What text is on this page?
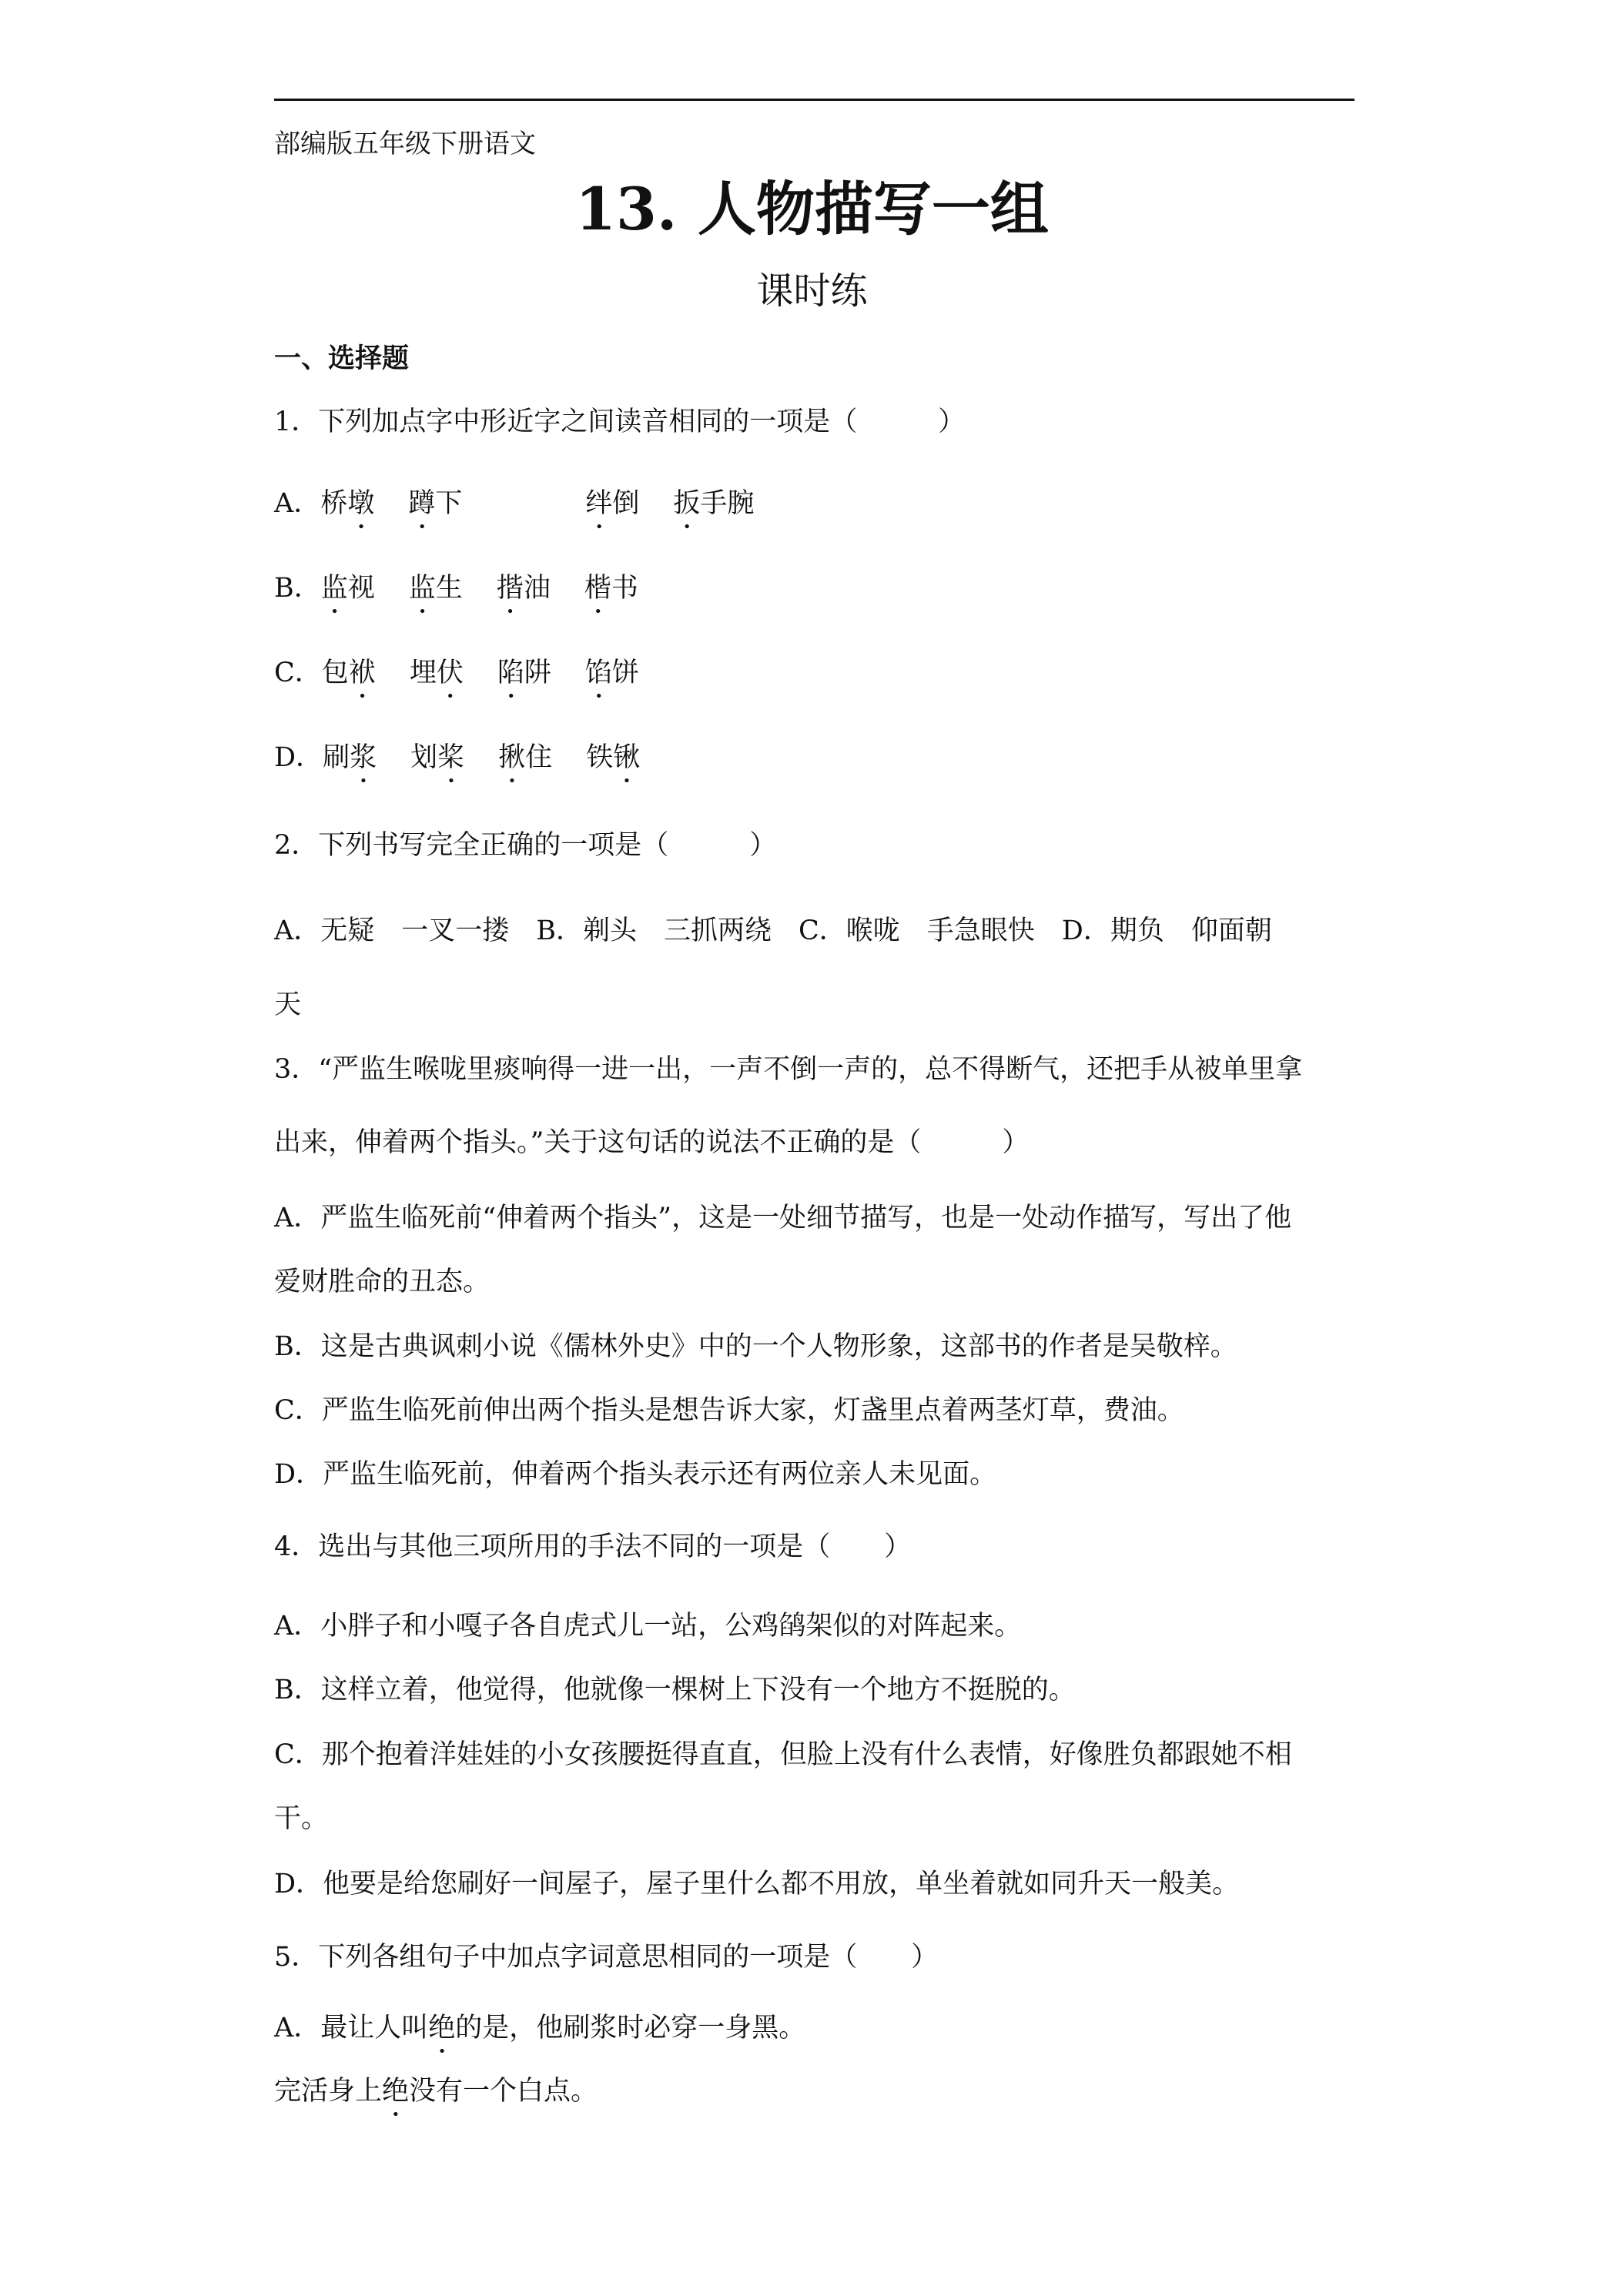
部编版五年级下册语文

13. 人物描写一组

课时练

一、选择题

1．下列加点字中形近字之间读音相同的一项是（　　　）

A．桥墩 蹲下	绊倒 扳手腕

B．监视 监生 揩油 楷书

C．包袱 埋伏 陷阱 馅饼

D．刷浆 划桨 揪住 铁锹

2．下列书写完全正确的一项是（　　　）

A．无疑　一叉一搂　B．剃头　三抓两绕　C．喉咙　手急眼快　D．期负　仰面朝

天

3．“严监生喉咙里痰响得一进一出，一声不倒一声的，总不得断气，还把手从被单里拿

出来，伸着两个指头。”关于这句话的说法不正确的是（　　　）

A．严监生临死前“伸着两个指头”，这是一处细节描写，也是一处动作描写，写出了他

爱财胜命的丑态。

B．这是古典讽刺小说《儒林外史》中的一个人物形象，这部书的作者是吴敬梓。

C．严监生临死前伸出两个指头是想告诉大家，灯盏里点着两茎灯草，费油。

D．严监生临死前，伸着两个指头表示还有两位亲人未见面。

4．选出与其他三项所用的手法不同的一项是（　　）

A．小胖子和小嘎子各自虎式儿一站，公鸡鹐架似的对阵起来。

B．这样立着，他觉得，他就像一棵树上下没有一个地方不挺脱的。

C．那个抱着洋娃娃的小女孩腰挺得直直，但脸上没有什么表情，好像胜负都跟她不相

干。

D．他要是给您刷好一间屋子，屋子里什么都不用放，单坐着就如同升天一般美。

5．下列各组句子中加点字词意思相同的一项是（　　）

A．最让人叫绝的是，他刷浆时必穿一身黑。

完活身上绝没有一个白点。
